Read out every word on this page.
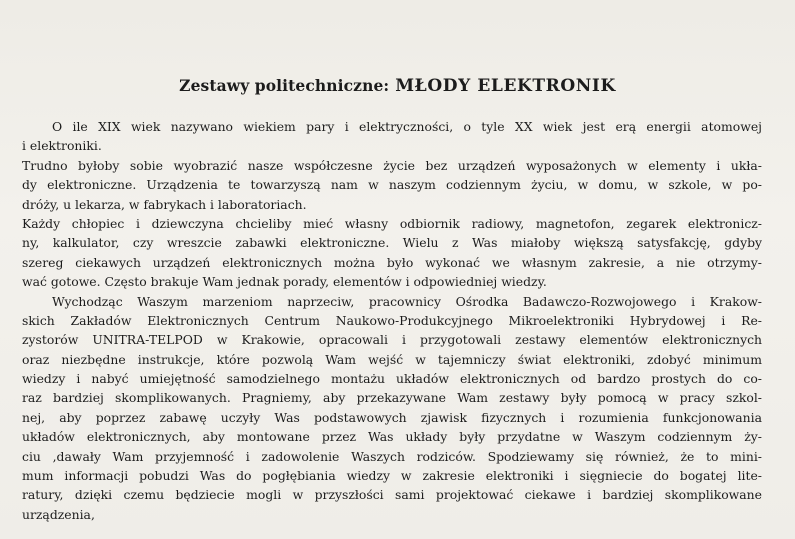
Zestawy politechniczne: MŁODY ELEKTRONIK
O ile XIX wiek nazywano wiekiem pary i elektryczności, o tyle XX wiek jest erą energii atomowej
i elektroniki.
Trudno byłoby sobie wyobrazić nasze współczesne życie bez urządzeń wyposażonych w elementy i ukła-
dy elektroniczne. Urządzenia te towarzyszą nam w naszym codziennym życiu, w domu, w szkole, w po-
dróży, u lekarza, w fabrykach i laboratoriach.
Każdy chłopiec i dziewczyna chcieliby mieć własny odbiornik radiowy, magnetofon, zegarek elektronicz-
ny, kalkulator, czy wreszcie zabawki elektroniczne. Wielu z Was miałoby większą satysfakcję, gdyby
szereg ciekawych urządzeń elektronicznych można było wykonać we własnym zakresie, a nie otrzymy-
wać gotowe. Często brakuje Wam jednak porady, elementów i odpowiedniej wiedzy.
Wychodząc Waszym marzeniom naprzeciw, pracownicy Ośrodka Badawczo-Rozwojowego i Krakow-
skich Zakładów Elektronicznych Centrum Naukowo-Produkcyjnego Mikroelektroniki Hybrydowej i Re-
zystorów UNITRA-TELPOD w Krakowie, opracowali i przygotowali zestawy elementów elektronicznych
oraz niezbędne instrukcje, które pozwolą Wam wejść w tajemniczy świat elektroniki, zdobyć minimum
wiedzy i nabyć umiejętność samodzielnego montażu układów elektronicznych od bardzo prostych do co-
raz bardziej skomplikowanych. Pragniemy, aby przekazywane Wam zestawy były pomocą w pracy szkol-
nej, aby poprzez zabawę uczyły Was podstawowych zjawisk fizycznych i rozumienia funkcjonowania
układów elektronicznych, aby montowane przez Was układy były przydatne w Waszym codziennym ży-
ciu ,dawały Wam przyjemność i zadowolenie Waszych rodziców. Spodziewamy się również, że to mini-
mum informacji pobudzi Was do pogłębiania wiedzy w zakresie elektroniki i sięgniecie do bogatej lite-
ratury, dzięki czemu będziecie mogli w przyszłości sami projektować ciekawe i bardziej skomplikowane
urządzenia,
